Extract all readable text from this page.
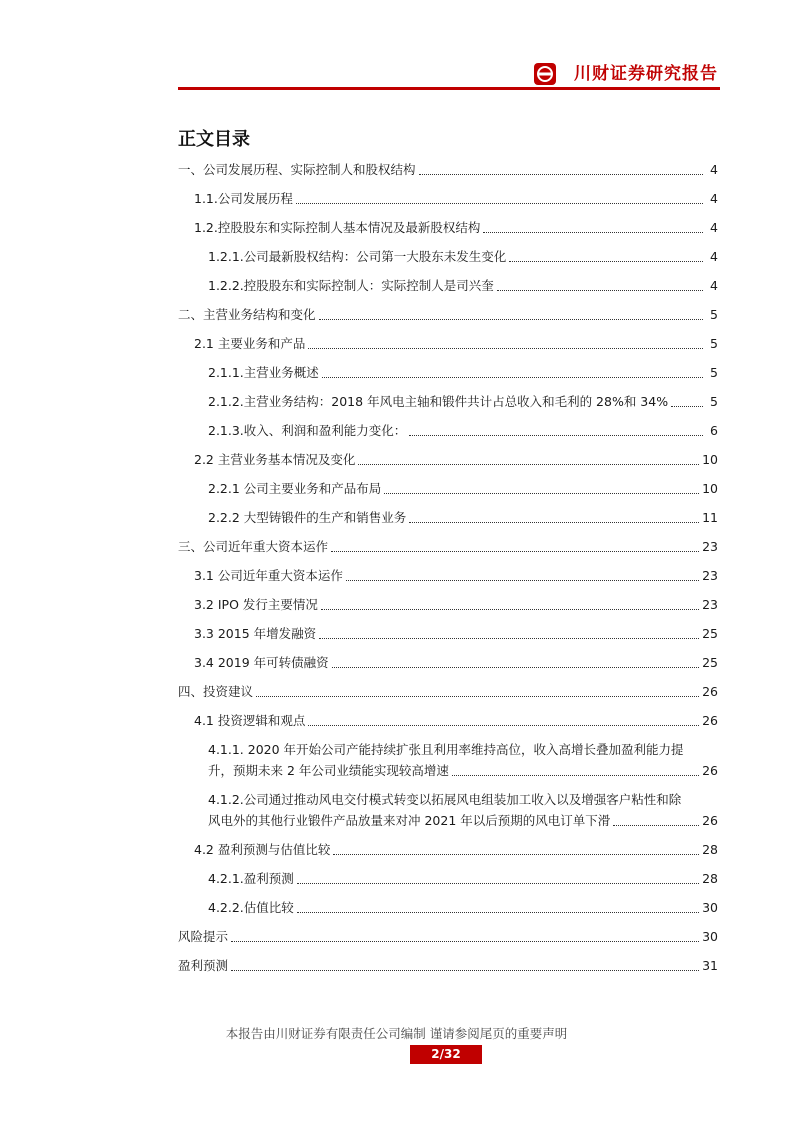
川财证券研究报告
正文目录
一、公司发展历程、实际控制人和股权结构	4
1.1.公司发展历程	4
1.2.控股股东和实际控制人基本情况及最新股权结构	4
1.2.1.公司最新股权结构：公司第一大股东未发生变化	4
1.2.2.控股股东和实际控制人：实际控制人是司兴奎	4
二、主营业务结构和变化	5
2.1 主要业务和产品	5
2.1.1.主营业务概述	5
2.1.2.主营业务结构：2018 年风电主轴和锻件共计占总收入和毛利的 28%和 34%	5
2.1.3.收入、利润和盈利能力变化：	6
2.2 主营业务基本情况及变化	10
2.2.1 公司主要业务和产品布局	10
2.2.2 大型铸锻件的生产和销售业务	11
三、公司近年重大资本运作	23
3.1 公司近年重大资本运作	23
3.2 IPO 发行主要情况	23
3.3 2015 年增发融资	25
3.4 2019 年可转债融资	25
四、投资建议	26
4.1 投资逻辑和观点	26
4.1.1. 2020 年开始公司产能持续扩张且利用率维持高位，收入高增长叠加盈利能力提
升，预期未来 2 年公司业绩能实现较高增速	26
4.1.2.公司通过推动风电交付模式转变以拓展风电组装加工收入以及增强客户粘性和除
风电外的其他行业锻件产品放量来对冲 2021 年以后预期的风电订单下滑	26
4.2 盈利预测与估值比较	28
4.2.1.盈利预测	28
4.2.2.估值比较	30
风险提示	30
盈利预测	31
本报告由川财证券有限责任公司编制 谨请参阅尾页的重要声明
2/32
